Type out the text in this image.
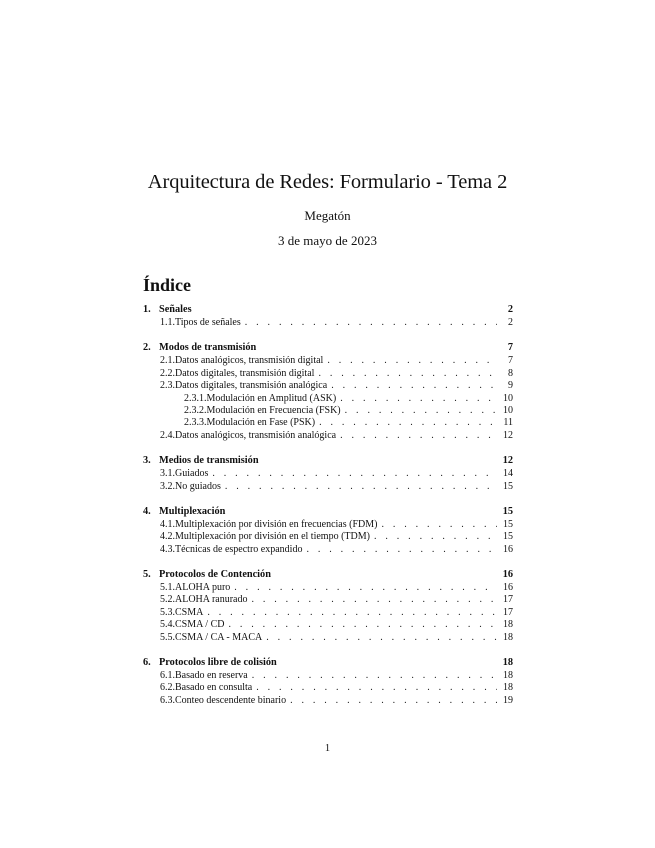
Arquitectura de Redes: Formulario - Tema 2
Megatón
3 de mayo de 2023
Índice
1. Señales	2
1.1. Tipos de señales . . .	2
2. Modos de transmisión	7
2.1. Datos analógicos, transmisión digital . . .	7
2.2. Datos digitales, transmisión digital . . .	8
2.3. Datos digitales, transmisión analógica . . .	9
2.3.1. Modulación en Amplitud (ASK) . . .	10
2.3.2. Modulación en Frecuencia (FSK) . . .	10
2.3.3. Modulación en Fase (PSK) . . .	11
2.4. Datos analógicos, transmisión analógica . . .	12
3. Medios de transmisión	12
3.1. Guiados . . .	14
3.2. No guiados . . .	15
4. Multiplexación	15
4.1. Multiplexación por división en frecuencias (FDM) . . .	15
4.2. Multiplexación por división en el tiempo (TDM) . . .	15
4.3. Técnicas de espectro expandido . . .	16
5. Protocolos de Contención	16
5.1. ALOHA puro . . .	16
5.2. ALOHA ranurado . . .	17
5.3. CSMA . . .	17
5.4. CSMA / CD . . .	18
5.5. CSMA / CA - MACA . . .	18
6. Protocolos libre de colisión	18
6.1. Basado en reserva . . .	18
6.2. Basado en consulta . . .	18
6.3. Conteo descendente binario . . .	19
1
